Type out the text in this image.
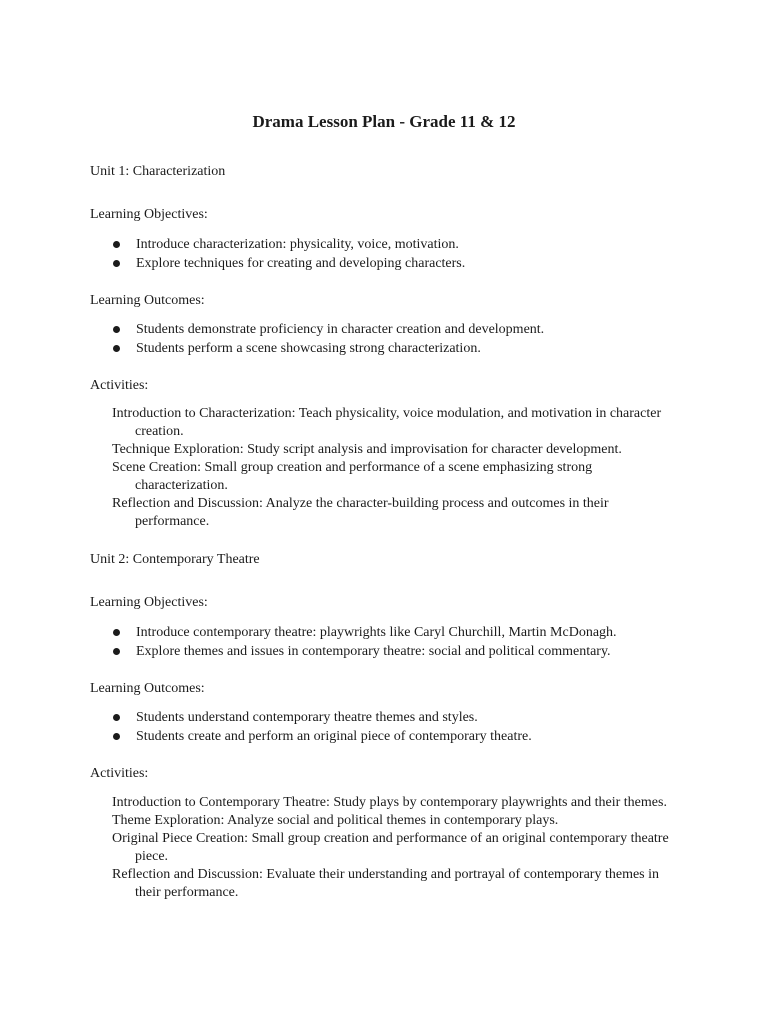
Drama Lesson Plan - Grade 11 & 12
Unit 1: Characterization
Learning Objectives:
Introduce characterization: physicality, voice, motivation.
Explore techniques for creating and developing characters.
Learning Outcomes:
Students demonstrate proficiency in character creation and development.
Students perform a scene showcasing strong characterization.
Activities:
Introduction to Characterization: Teach physicality, voice modulation, and motivation in character creation.
Technique Exploration: Study script analysis and improvisation for character development.
Scene Creation: Small group creation and performance of a scene emphasizing strong characterization.
Reflection and Discussion: Analyze the character-building process and outcomes in their performance.
Unit 2: Contemporary Theatre
Learning Objectives:
Introduce contemporary theatre: playwrights like Caryl Churchill, Martin McDonagh.
Explore themes and issues in contemporary theatre: social and political commentary.
Learning Outcomes:
Students understand contemporary theatre themes and styles.
Students create and perform an original piece of contemporary theatre.
Activities:
Introduction to Contemporary Theatre: Study plays by contemporary playwrights and their themes.
Theme Exploration: Analyze social and political themes in contemporary plays.
Original Piece Creation: Small group creation and performance of an original contemporary theatre piece.
Reflection and Discussion: Evaluate their understanding and portrayal of contemporary themes in their performance.
